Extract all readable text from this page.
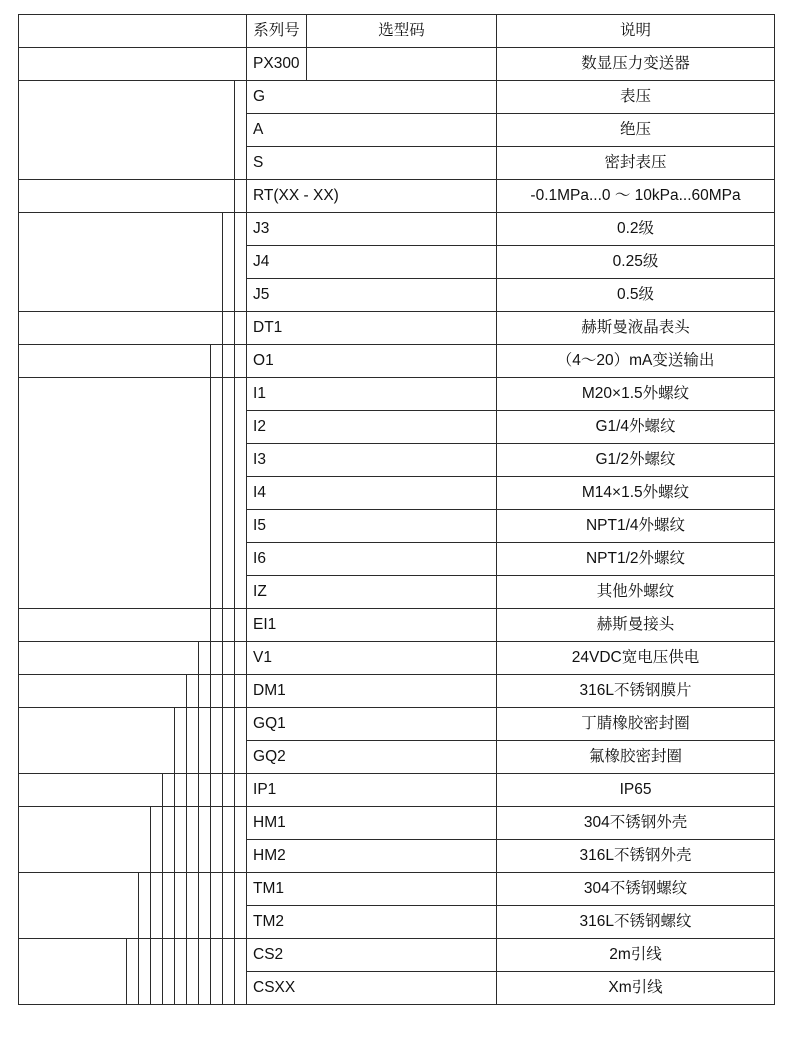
参数名称											系列号	选型码	说明
系列号											PX300		数显压力变送器
传感器类型											G		表压
											A		绝压
											S		密封表压
测量范围											RT(XX - XX)		-0.1MPa...0 ～ 10kPa...60MPa
准确度											J3		0.2级
											J4		0.25级
											J5		0.5级
显示类型											DT1		赫斯曼液晶表头
变送输出											O1		（4～20）mA变送输出
安装方式											I1		M20×1.5外螺纹
											I2		G1/4外螺纹
											I3		G1/2外螺纹
											I4		M14×1.5外螺纹
											I5		NPT1/4外螺纹
											I6		NPT1/2外螺纹
											IZ		其他外螺纹
电气接口											EI1		赫斯曼接头
供电电源											V1		24VDC宽电压供电
膜片材质											DM1		316L不锈钢膜片
密封圈材质											GQ1		丁腈橡胶密封圈
											GQ2		氟橡胶密封圈
防护等级											IP1		IP65
外壳材质											HM1		304不锈钢外壳
											HM2		316L不锈钢外壳
螺纹材质											TM1		304不锈钢螺纹
											TM2		316L不锈钢螺纹
线缆长度											CS2		2m引线
											CSXX		Xm引线
